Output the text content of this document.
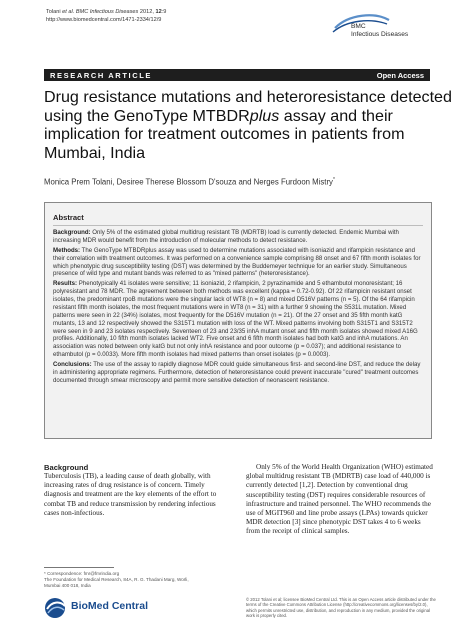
Tolani et al. BMC Infectious Diseases 2012, 12:9
http://www.biomedcentral.com/1471-2334/12/9
BMC
Infectious Diseases
RESEARCH ARTICLE	Open Access
Drug resistance mutations and heteroresistance detected using the GenoType MTBDRplus assay and their implication for treatment outcomes in patients from Mumbai, India
Monica Prem Tolani, Desiree Therese Blossom D'souza and Nerges Furdoon Mistry*
Abstract

Background: Only 5% of the estimated global multidrug resistant TB (MDRTB) load is currently detected. Endemic Mumbai with increasing MDR would benefit from the introduction of molecular methods to detect resistance.

Methods: The GenoType MTBDRplus assay was used to determine mutations associated with isoniazid and rifampicin resistance and their correlation with treatment outcomes. It was performed on a convenience sample comprising 88 onset and 67 fifth month isolates for which phenotypic drug susceptibility testing (DST) was determined by the Buddemeyer technique for an earlier study. Simultaneous presence of wild type and mutant bands was referred to as "mixed patterns" (heteroresistance).

Results: Phenotypically 41 isolates were sensitive; 11 isoniazid, 2 rifampicin, 2 pyrazinamide and 5 ethambutol monoresistant; 16 polyresistant and 78 MDR. The agreement between both methods was excellent (kappa = 0.72-0.92). Of 22 rifampicin resistant onset isolates, the predominant rpoB mutations were the singular lack of WT8 (n = 8) and mixed D516V patterns (n = 5). Of the 64 rifampicin resistant fifth month isolates, the most frequent mutations were in WT8 (n = 31) with a further 9 showing the S531L mutation. Mixed patterns were seen in 22 (34%) isolates, most frequently for the D516V mutation (n = 21). Of the 27 onset and 35 fifth month katG mutants, 13 and 12 respectively showed the S315T1 mutation with loss of the WT. Mixed patterns involving both S315T1 and S315T2 were seen in 9 and 23 isolates respectively. Seventeen of 23 and 23/35 inhA mutant onset and fifth month isolates showed mixed A16G profiles. Additionally, 10 fifth month isolates lacked WT2. Five onset and 6 fifth month isolates had both katG and inhA mutations. An association was noted between only katG but not only inhA resistance and poor outcome (p = 0.037); and additional resistance to ethambutol (p = 0.0033). More fifth month isolates had mixed patterns than onset isolates (p = 0.0003).

Conclusions: The use of the assay to rapidly diagnose MDR could guide simultaneous first- and second-line DST, and reduce the delay in administering appropriate regimens. Furthermore, detection of heteroresistance could prevent inaccurate "cured" treatment outcomes documented through smear microscopy and permit more sensitive detection of neonascent resistance.

Background

Tuberculosis (TB), a leading cause of death globally, with increasing rates of drug resistance is of concern. Timely diagnosis and treatment are the key elements of the effort to combat TB and reduce transmission by rendering infectious cases non-infectious.

Only 5% of the World Health Organization (WHO) estimated global multidrug resistant TB (MDRTB) case load of 440,000 is currently detected [1,2]. Detection by conventional drug susceptibility testing (DST) requires considerable resources of infrastructure and trained personnel. The WHO recommends the use of MGIT960 and line probe assays (LPAs) towards quicker MDR detection [3] since phenotypic DST takes 4 to 6 weeks from the receipt of clinical samples.

* Correspondence: fmr@fmrindia.org
The Foundation for Medical Research, 84A, R. G. Thadani Marg, Worli,
Mumbai 400 018, India
BioMed Central
© 2012 Tolani et al; licensee BioMed Central Ltd. This is an Open Access article distributed under the terms of the Creative Commons Attribution License (http://creativecommons.org/licenses/by/2.0), which permits unrestricted use, distribution, and reproduction in any medium, provided the original work is properly cited.
